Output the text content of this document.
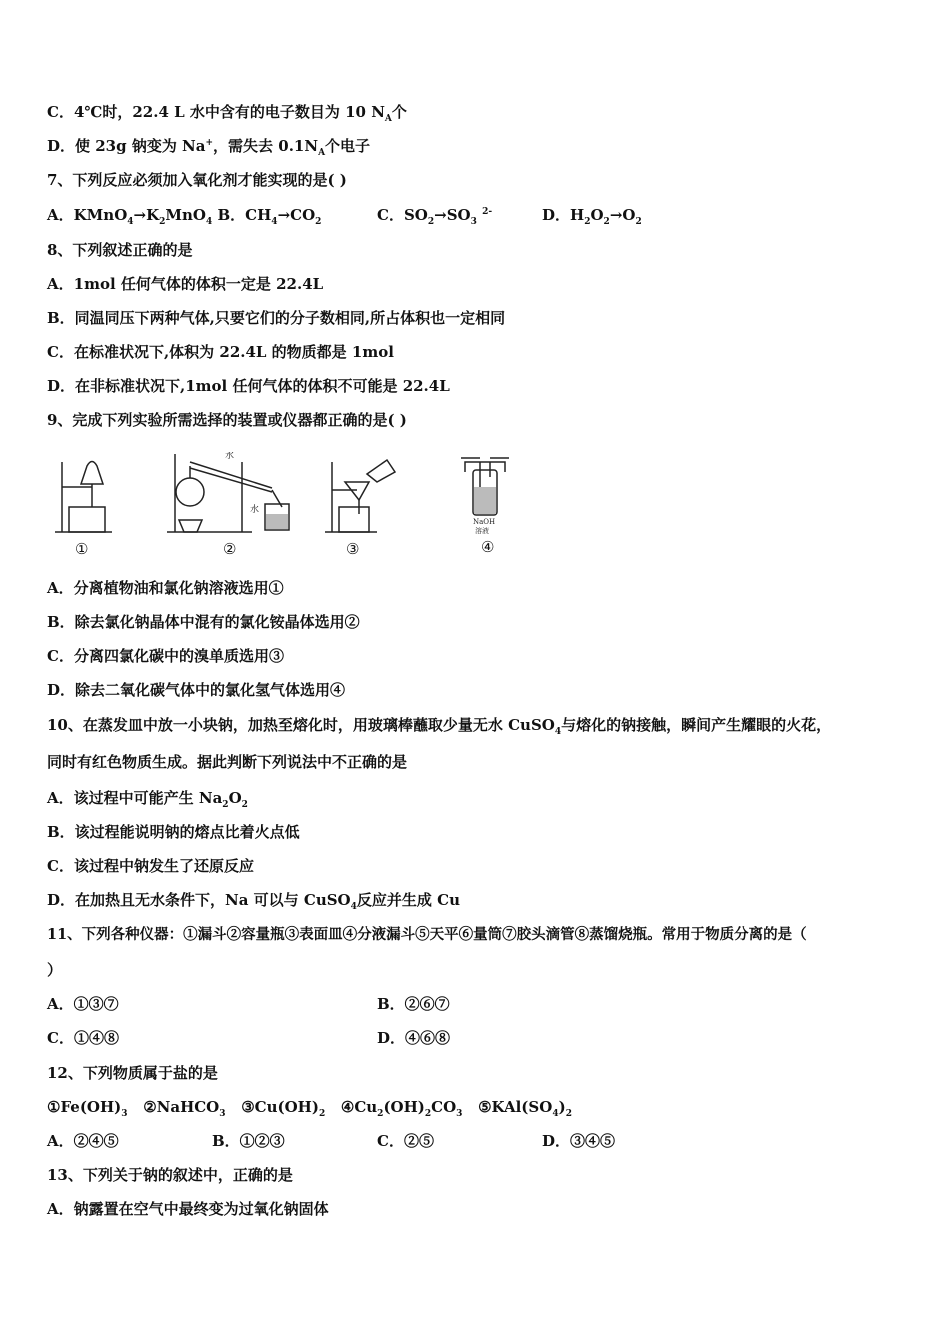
C．4℃时，22.4 L 水中含有的电子数目为 10 $N_A$个
D．使 23g 钠变为 Na+，需失去 $0.1N_A$个电子
7、下列反应必须加入氧化剂才能实现的是( )
A．$KMnO_4\to K_2MnO_4$ B．$CH_4\to CO_2$	C．$SO_2\to SO_3$ $^{2-}$	D．$H_2O_2\to O_2$
8、下列叙述正确的是
A．1mol 任何气体的体积一定是 22.4L
B．同温同压下两种气体,只要它们的分子数相同,所占体积也一定相同
C．在标准状况下,体积为 22.4L 的物质都是 1mol
D．在非标准状况下,1mol 任何气体的体积不可能是 22.4L
9、完成下列实验所需选择的装置或仪器都正确的是( )
水
水
NaOH
溶液
①	②	③	④
A．分离植物油和氯化钠溶液选用①
B．除去氯化钠晶体中混有的氯化铵晶体选用②
C．分离四氯化碳中的溴单质选用③
D．除去二氧化碳气体中的氯化氢气体选用④
10、在蒸发皿中放一小块钠，加热至熔化时，用玻璃棒蘸取少量无水 CuSO$_4$与熔化的钠接触，瞬间产生耀眼的火花，
同时有红色物质生成。据此判断下列说法中不正确的是
A．该过程中可能产生 $Na_2O_2$
B．该过程能说明钠的熔点比着火点低
C．该过程中钠发生了还原反应
D．在加热且无水条件下，Na 可以与 CuSO$_4$反应并生成 Cu
11、下列各种仪器：①漏斗②容量瓶③表面皿④分液漏斗⑤天平⑥量筒⑦胶头滴管⑧蒸馏烧瓶。常用于物质分离的是（
）
A．①③⑦	B．②⑥⑦
C．①④⑧	D．④⑥⑧
12、下列物质属于盐的是
$①Fe(OH)_3$   ②NaHCO$_3$   $③Cu(OH)_2$   $④Cu_2(OH)_2CO_3$   $⑤KAl(SO_4)_2$
A．②④⑤	B．①②③	C．②⑤	D．③④⑤
13、下列关于钠的叙述中，正确的是
A．钠露置在空气中最终变为过氧化钠固体
